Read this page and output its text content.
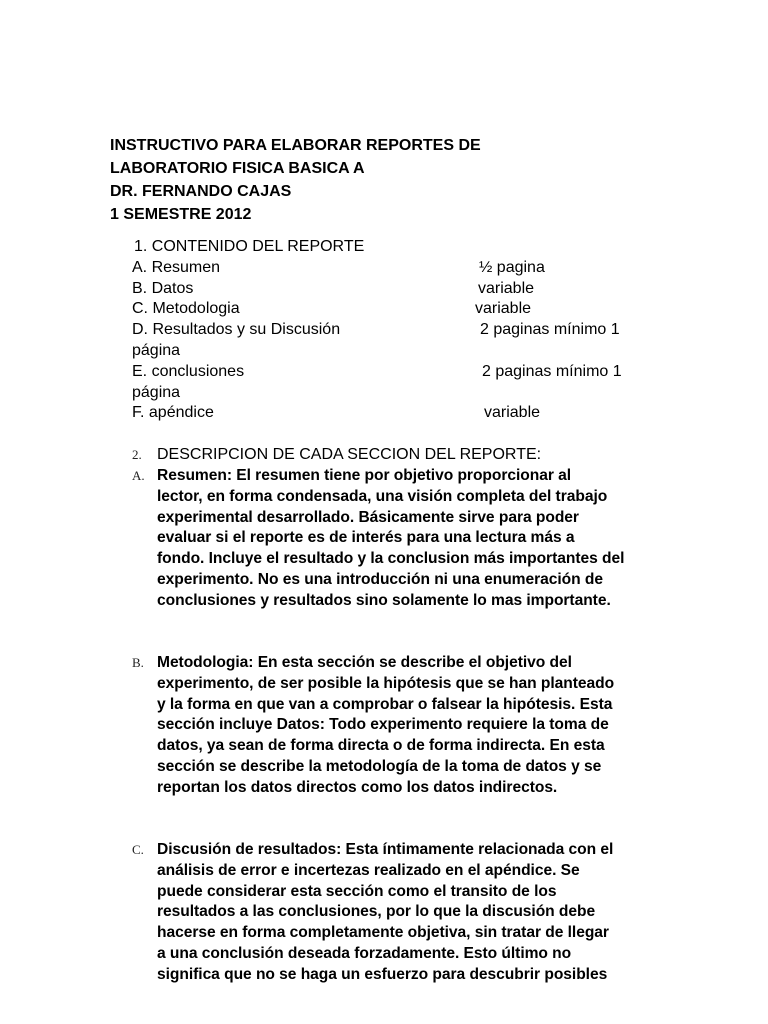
INSTRUCTIVO PARA ELABORAR REPORTES DE
LABORATORIO FISICA BASICA A
DR. FERNANDO CAJAS
1 SEMESTRE 2012
1. CONTENIDO DEL REPORTE
A. Resumen	½ pagina
B. Datos	variable
C. Metodologia	variable
D. Resultados y su Discusión	2 paginas mínimo 1
página
E. conclusiones	2 paginas mínimo 1
página
F. apéndice	variable
2. DESCRIPCION DE CADA SECCION DEL REPORTE:
A. Resumen: El resumen tiene por objetivo proporcionar al
lector, en forma condensada, una visión completa del trabajo
experimental desarrollado. Básicamente sirve para poder
evaluar si el reporte es de interés para una lectura más a
fondo. Incluye el resultado y la conclusion más importantes del
experimento. No es una introducción ni una enumeración de
conclusiones y resultados sino solamente lo mas importante.
B. Metodologia: En esta sección se describe el objetivo del
experimento, de ser posible la hipótesis que se han planteado
y la forma en que van a comprobar o falsear la hipótesis. Esta
sección incluye Datos: Todo experimento requiere la toma de
datos, ya sean de forma directa o de forma indirecta. En esta
sección se describe la metodología de la toma de datos y se
reportan los datos directos como los datos indirectos.
C. Discusión de resultados: Esta íntimamente relacionada con el
análisis de error e incertezas realizado en el apéndice. Se
puede considerar esta sección como el transito de los
resultados a las conclusiones, por lo que la discusión debe
hacerse en forma completamente objetiva, sin tratar de llegar
a una conclusión deseada forzadamente. Esto último no
significa que no se haga un esfuerzo para descubrir posibles
